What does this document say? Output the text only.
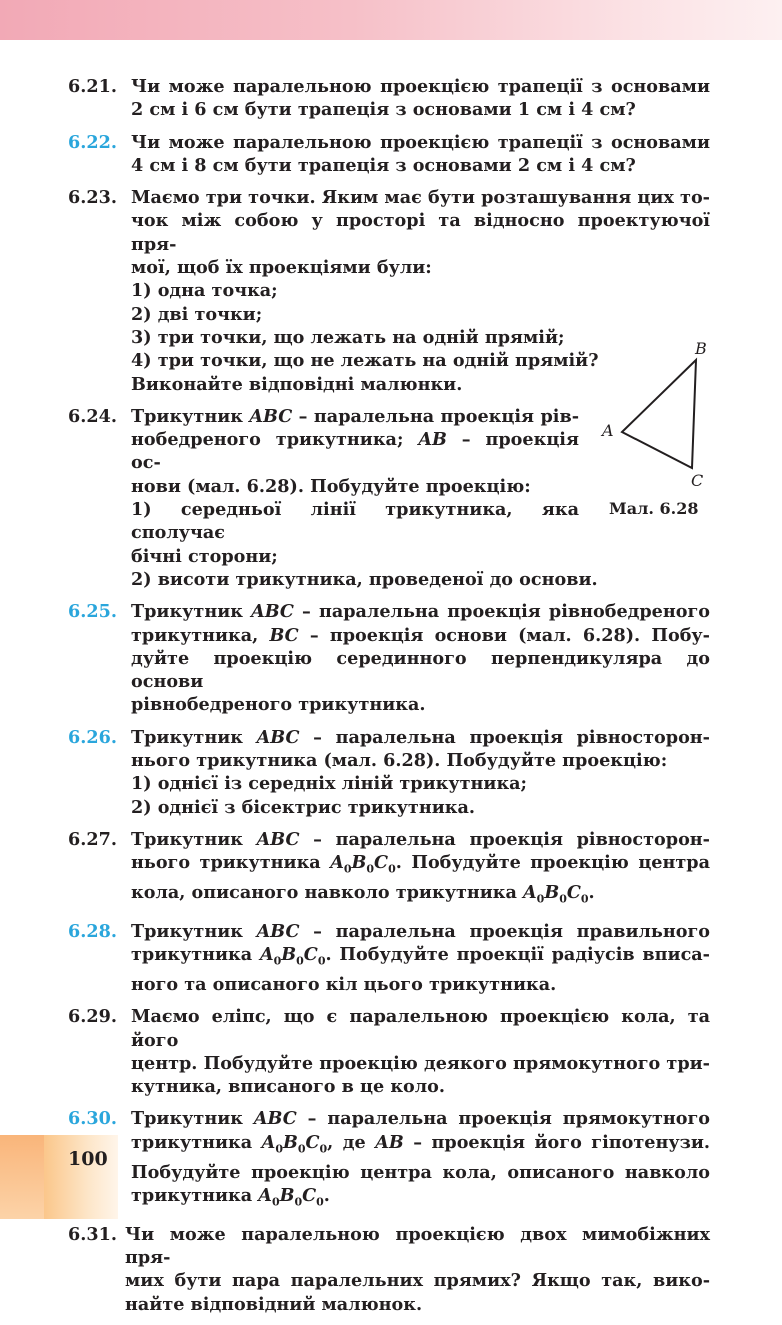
6.21. Чи може паралельною проекцією трапеції з основами
2 см і 6 см бути трапеція з основами 1 см і 4 см?
6.22. Чи може паралельною проекцією трапеції з основами
4 см і 8 см бути трапеція з основами 2 см і 4 см?
6.23. Маємо три точки. Яким має бути розташування цих то-
чок між собою у просторі та відносно проектуючої пря-
мої, щоб їх проекціями були:
1) одна точка;
2) дві точки;
3) три точки, що лежать на одній прямій;
4) три точки, що не лежать на одній прямій?
Виконайте відповідні малюнки.
6.24. Трикутник ABC – паралельна проекція рів-
нобедреного трикутника; AB – проекція ос-
нови (мал. 6.28). Побудуйте проекцію:
1) середньої лінії трикутника, яка сполучає
бічні сторони;
2) висоти трикутника, проведеної до основи.
6.25. Трикутник ABC – паралельна проекція рівнобедреного
трикутника, BC – проекція основи (мал. 6.28). Побу-
дуйте проекцію серединного перпендикуляра до основи
рівнобедреного трикутника.
6.26. Трикутник ABC – паралельна проекція рівносторон-
нього трикутника (мал. 6.28). Побудуйте проекцію:
1) однієї із середніх ліній трикутника;
2) однієї з бісектрис трикутника.
6.27. Трикутник ABC – паралельна проекція рівносторон-
нього трикутника $A_0B_0C_0$. Побудуйте проекцію центра
кола, описаного навколо трикутника $A_0B_0C_0$.
6.28. Трикутник ABC – паралельна проекція правильного
трикутника $A_0B_0C_0$. Побудуйте проекції радіусів вписа-
ного та описаного кіл цього трикутника.
6.29. Маємо еліпс, що є паралельною проекцією кола, та його
центр. Побудуйте проекцію деякого прямокутного три-
кутника, вписаного в це коло.
6.30. Трикутник ABC – паралельна проекція прямокутного
трикутника $A_0B_0C_0$, де AB – проекція його гіпотенузи.
Побудуйте проекцію центра кола, описаного навколо
трикутника $A_0B_0C_0$.
6.31. Чи може паралельною проекцією двох мимобіжних пря-
мих бути пара паралельних прямих? Якщо так, вико-
найте відповідний малюнок.
B
A
C
Мал. 6.28
100
